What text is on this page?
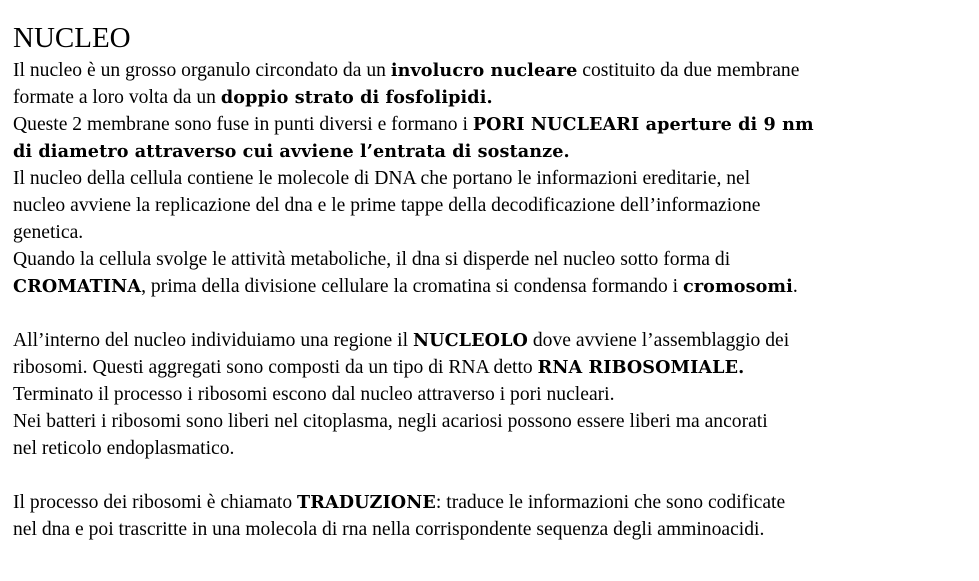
NUCLEO

Il nucleo è un grosso organulo circondato da un involucro nucleare costituito da due membrane

formate a loro volta da un doppio strato di fosfolipidi.

Queste 2 membrane sono fuse in punti diversi e formano i PORI NUCLEARI aperture di 9 nm

di diametro attraverso cui avviene l’entrata di sostanze.

Il nucleo della cellula contiene le molecole di DNA che portano le informazioni ereditarie, nel

nucleo avviene la replicazione del dna e le prime tappe della decodificazione dell’informazione

genetica.

Quando la cellula svolge le attività metaboliche, il dna si disperde nel nucleo sotto forma di

CROMATINA, prima della divisione cellulare la cromatina si condensa formando i cromosomi.

All’interno del nucleo individuiamo una regione il NUCLEOLO dove avviene l’assemblaggio dei

ribosomi. Questi aggregati sono composti da un tipo di RNA detto RNA RIBOSOMIALE.

Terminato il processo i ribosomi escono dal nucleo attraverso i pori nucleari.

Nei batteri i ribosomi sono liberi nel citoplasma, negli acariosi possono essere liberi ma ancorati

nel reticolo endoplasmatico.

Il processo dei ribosomi è chiamato TRADUZIONE: traduce le informazioni che sono codificate

nel dna e poi trascritte in una molecola di rna nella corrispondente sequenza degli amminoacidi.
